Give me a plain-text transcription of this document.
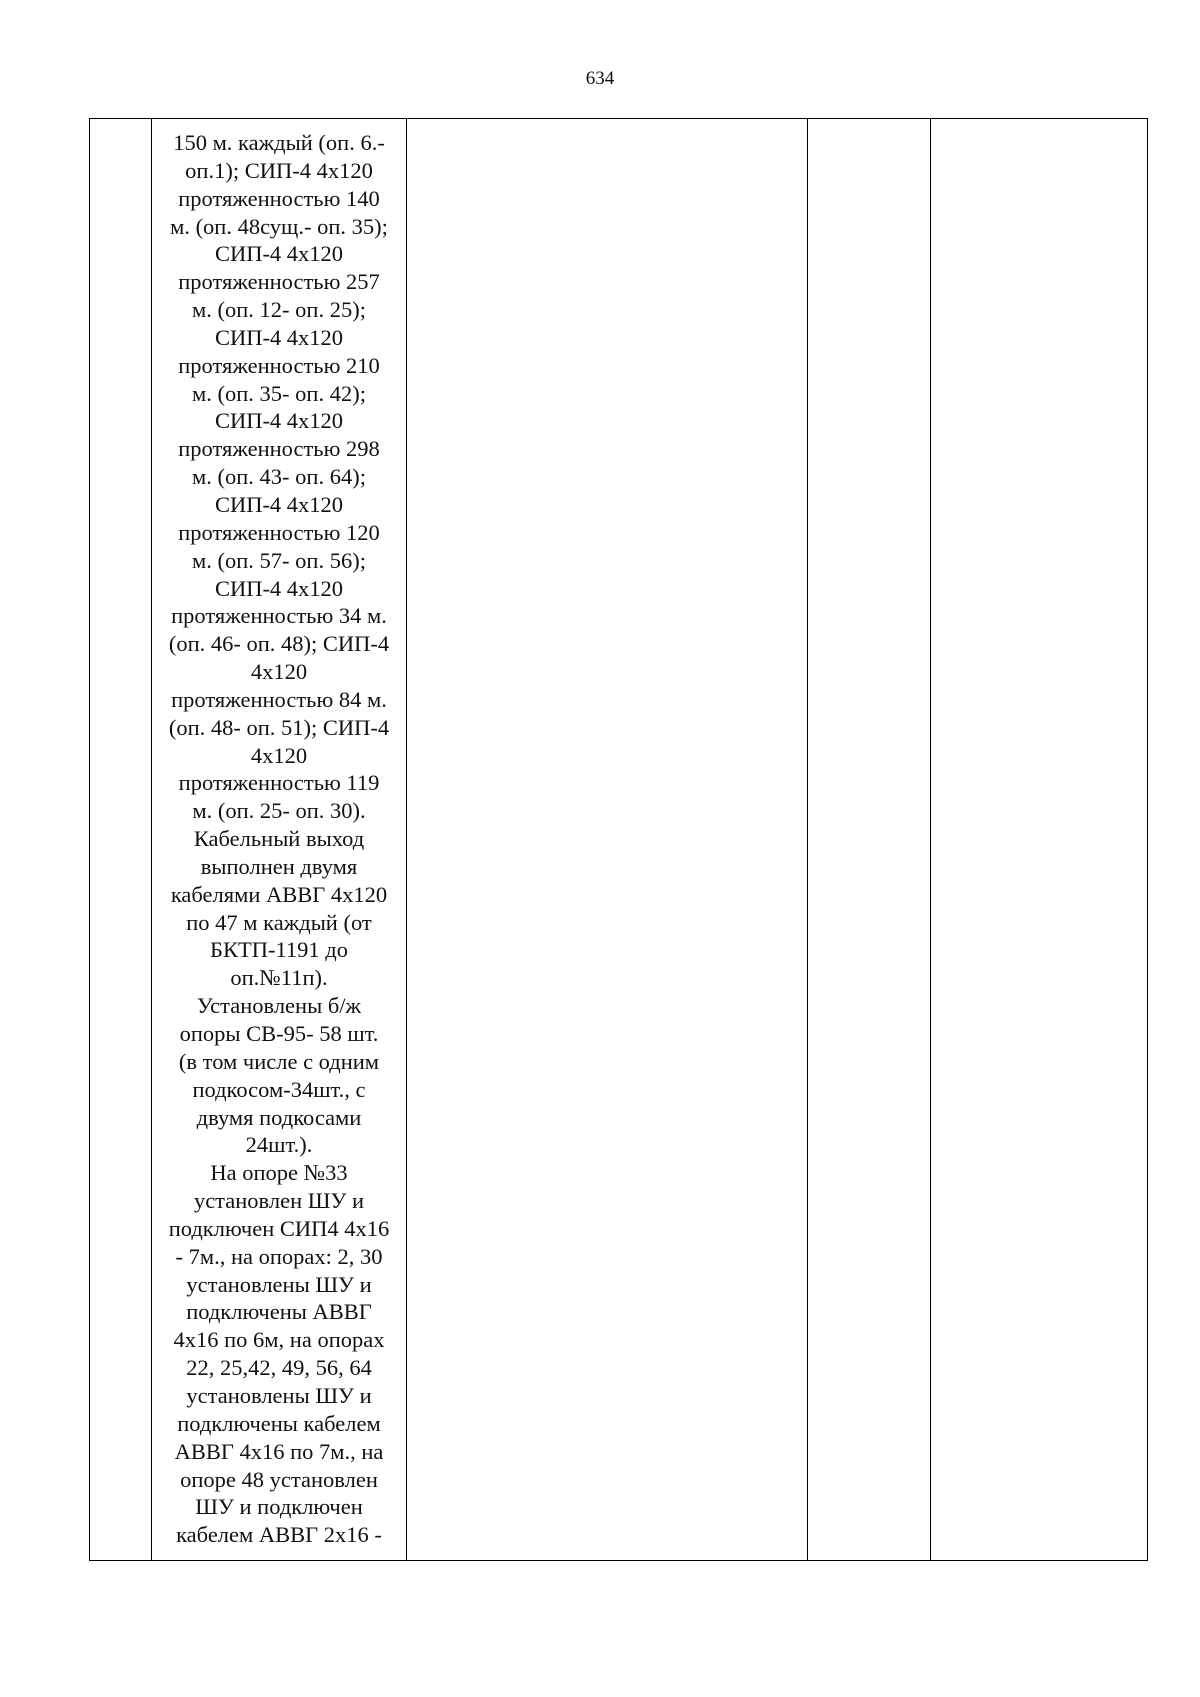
634

150 м. каждый (оп. 6.-
оп.1); СИП-4 4х120
протяженностью 140
м. (оп. 48сущ.- оп. 35);
СИП-4 4х120
протяженностью 257
м. (оп. 12- оп. 25);
СИП-4 4х120
протяженностью 210
м. (оп. 35- оп. 42);
СИП-4 4х120
протяженностью 298
м. (оп. 43- оп. 64);
СИП-4 4х120
протяженностью 120
м. (оп. 57- оп. 56);
СИП-4 4х120
протяженностью 34 м.
(оп. 46- оп. 48); СИП-4
4х120
протяженностью 84 м.
(оп. 48- оп. 51); СИП-4
4х120
протяженностью 119
м. (оп. 25- оп. 30).
Кабельный выход
выполнен двумя
кабелями АВВГ 4х120
по 47 м каждый (от
БКТП-1191 до
оп.№11п).
Установлены б/ж
опоры СВ-95- 58 шт.
(в том числе с одним
подкосом-34шт., с
двумя подкосами
24шт.).
На опоре №33
установлен ШУ и
подключен СИП4 4х16
- 7м., на опорах: 2, 30
установлены ШУ и
подключены АВВГ
4х16 по 6м, на опорах
22, 25,42, 49, 56, 64
установлены ШУ и
подключены кабелем
АВВГ 4х16 по 7м., на
опоре 48 установлен
ШУ и подключен
кабелем АВВГ 2х16 -
